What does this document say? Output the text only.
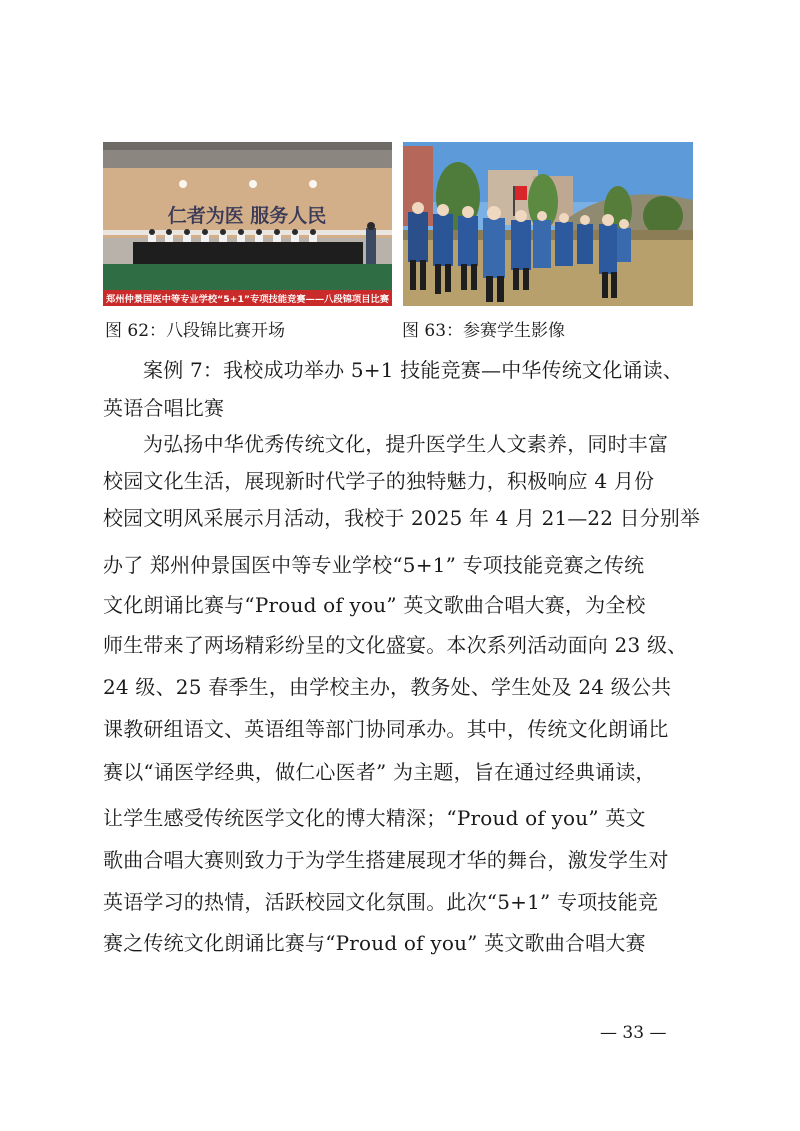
仁者为医 服务人民
郑州仲景国医中等专业学校“5+1”专项技能竞赛——八段锦项目比赛
图 62：八段锦比赛开场	图 63：参赛学生影像
案例 7：我校成功举办 5+1 技能竞赛—中华传统文化诵读、
英语合唱比赛
为弘扬中华优秀传统文化，提升医学生人文素养，同时丰富
校园文化生活，展现新时代学子的独特魅力，积极响应 4 月份
校园文明风采展示月活动，我校于 2025 年 4 月 21—22 日分别举
办了 郑州仲景国医中等专业学校“5+1” 专项技能竞赛之传统
文化朗诵比赛与“Proud of you” 英文歌曲合唱大赛，为全校
师生带来了两场精彩纷呈的文化盛宴。本次系列活动面向 23 级、
24 级、25 春季生，由学校主办，教务处、学生处及 24 级公共
课教研组语文、英语组等部门协同承办。其中，传统文化朗诵比
赛以“诵医学经典，做仁心医者” 为主题，旨在通过经典诵读，
让学生感受传统医学文化的博大精深；“Proud of you” 英文
歌曲合唱大赛则致力于为学生搭建展现才华的舞台，激发学生对
英语学习的热情，活跃校园文化氛围。此次“5+1” 专项技能竞
赛之传统文化朗诵比赛与“Proud of you” 英文歌曲合唱大赛
— 33 —
